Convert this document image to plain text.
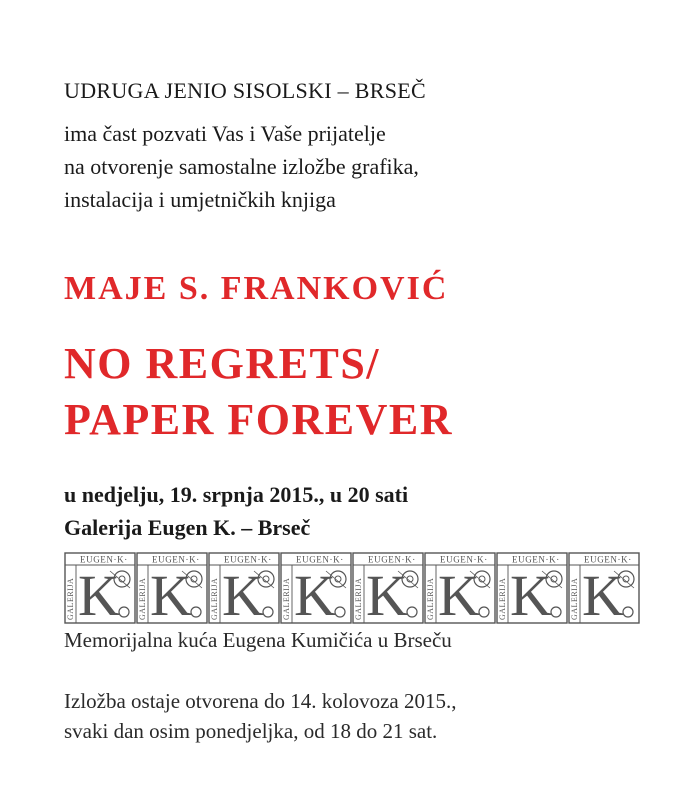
UDRUGA JENIO SISOLSKI – BRSEČ
ima čast pozvati Vas i Vaše prijatelje
na otvorenje samostalne izložbe grafika,
instalacija i umjetničkih knjiga
MAJE S. FRANKOVIĆ
NO REGRETS/
PAPER FOREVER
u nedjelju, 19. srpnja 2015., u 20 sati
Galerija Eugen K. – Brseč
EUGEN·K·
GALERIJA K
EUGEN·K·
GALERIJA K
EUGEN·K·
GALERIJA K
EUGEN·K·
GALERIJA K
EUGEN·K·
GALERIJA K
EUGEN·K·
GALERIJA K
EUGEN·K·
GALERIJA K
EUGEN·K·
GALERIJA K
Memorijalna kuća Eugena Kumičića u Brseču
Izložba ostaje otvorena do 14. kolovoza 2015.,
svaki dan osim ponedjeljka, od 18 do 21 sat.
